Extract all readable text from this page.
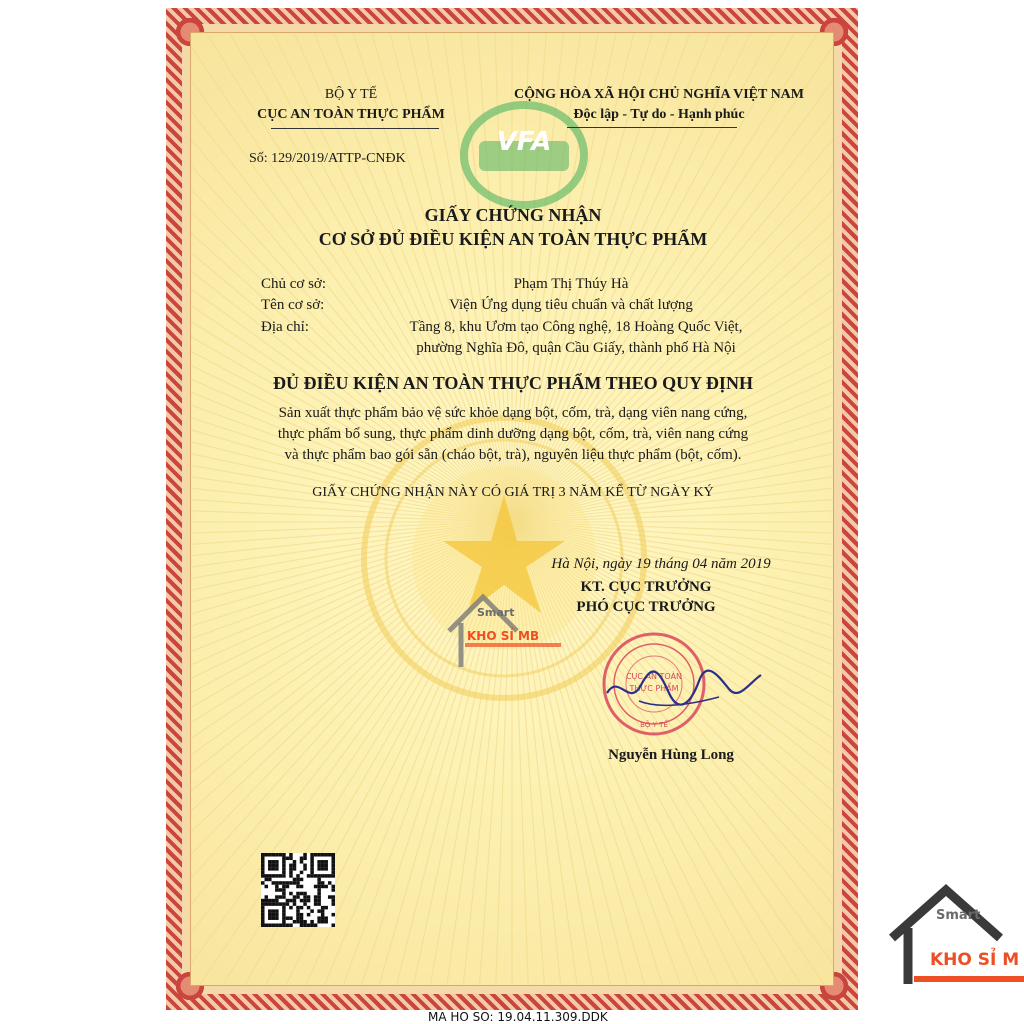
BỘ Y TẾ
CỤC AN TOÀN THỰC PHẨM
Số: 129/2019/ATTP-CNĐK
VFA
CỘNG HÒA XÃ HỘI CHỦ NGHĨA VIỆT NAM
Độc lập - Tự do - Hạnh phúc
GIẤY CHỨNG NHẬN
CƠ SỞ ĐỦ ĐIỀU KIỆN AN TOÀN THỰC PHẨM
Chủ cơ sở:	Phạm Thị Thúy Hà
Tên cơ sở:	Viện Ứng dụng tiêu chuẩn và chất lượng
Địa chỉ:	Tầng 8, khu Ươm tạo Công nghệ, 18 Hoàng Quốc Việt,
phường Nghĩa Đô, quận Cầu Giấy, thành phố Hà Nội
ĐỦ ĐIỀU KIỆN AN TOÀN THỰC PHẨM THEO QUY ĐỊNH
Sản xuất thực phẩm bảo vệ sức khỏe dạng bột, cốm, trà, dạng viên nang cứng,
thực phẩm bổ sung, thực phẩm dinh dưỡng dạng bột, cốm, trà, viên nang cứng
và thực phẩm bao gói sẵn (cháo bột, trà), nguyên liệu thực phẩm (bột, cốm).
GIẤY CHỨNG NHẬN NÀY CÓ GIÁ TRỊ 3 NĂM KỂ TỪ NGÀY KÝ
Hà Nội, ngày 19 tháng 04 năm 2019
KT. CỤC TRƯỞNG
PHÓ CỤC TRƯỞNG
CỤC AN TOÀN
THỰC PHẨM
BỘ Y TẾ
Nguyễn Hùng Long
Smart
KHO SỈ MB
Smart
KHO SỈ M
MA HO SO: 19.04.11.309.DDK
